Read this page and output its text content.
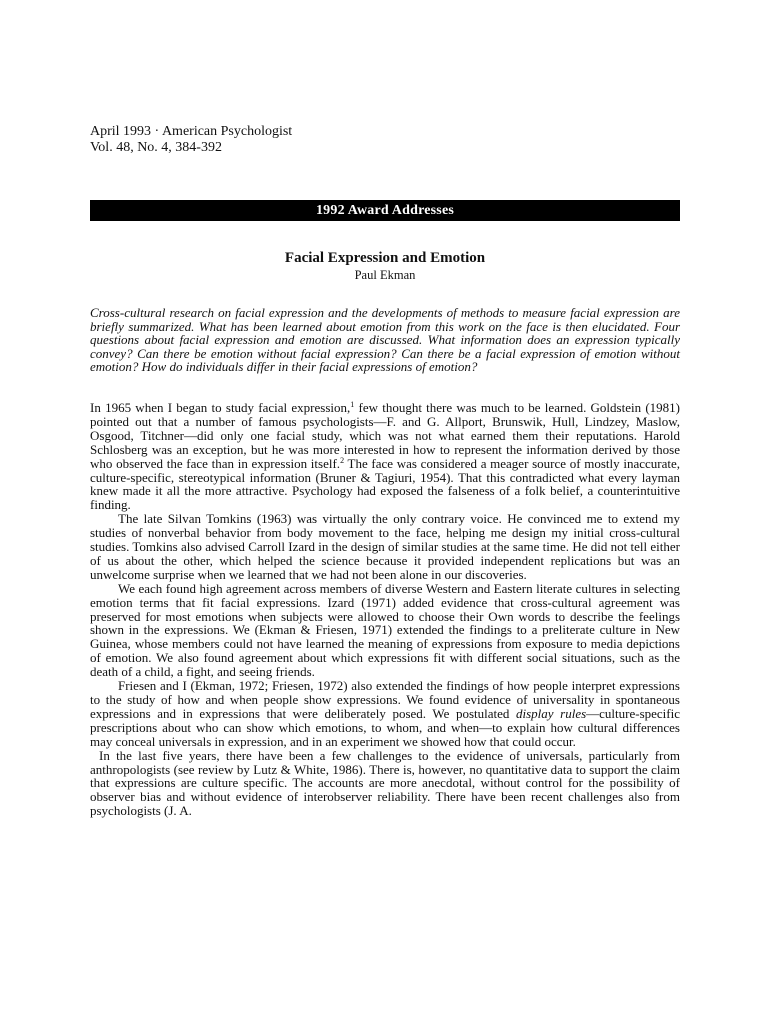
April 1993 · American Psychologist
Vol. 48, No. 4, 384-392
1992 Award Addresses
Facial Expression and Emotion
Paul Ekman
Cross-cultural research on facial expression and the developments of methods to measure facial expression are briefly summarized. What has been learned about emotion from this work on the face is then elucidated. Four questions about facial expression and emotion are discussed. What information does an expression typically convey? Can there be emotion without facial expression? Can there be a facial expression of emotion without emotion? How do individuals differ in their facial expressions of emotion?

In 1965 when I began to study facial expression,$^1$ few thought there was much to be learned. Goldstein (1981) pointed out that a number of famous psychologists—F. and G. Allport, Brunswik, Hull, Lindzey, Maslow, Osgood, Titchner—did only one facial study, which was not what earned them their reputations. Harold Schlosberg was an exception, but he was more interested in how to represent the information derived by those who observed the face than in expression itself.$^2$ The face was considered a meager source of mostly inaccurate, culture-specific, stereotypical information (Bruner & Tagiuri, 1954). That this contradicted what every layman knew made it all the more attractive. Psychology had exposed the falseness of a folk belief, a counterintuitive finding.

The late Silvan Tomkins (1963) was virtually the only contrary voice. He convinced me to extend my studies of nonverbal behavior from body movement to the face, helping me design my initial cross-cultural studies. Tomkins also advised Carroll Izard in the design of similar studies at the same time. He did not tell either of us about the other, which helped the science because it provided independent replications but was an unwelcome surprise when we learned that we had not been alone in our discoveries.

We each found high agreement across members of diverse Western and Eastern literate cultures in selecting emotion terms that fit facial expressions. Izard (1971) added evidence that cross-cultural agreement was preserved for most emotions when subjects were allowed to choose their Own words to describe the feelings shown in the expressions. We (Ekman & Friesen, 1971) extended the findings to a preliterate culture in New Guinea, whose members could not have learned the meaning of expressions from exposure to media depictions of emotion. We also found agreement about which expressions fit with different social situations, such as the death of a child, a fight, and seeing friends.

Friesen and I (Ekman, 1972; Friesen, 1972) also extended the findings of how people interpret expressions to the study of how and when people show expressions. We found evidence of universality in spontaneous expressions and in expressions that were deliberately posed. We postulated display rules—culture-specific prescriptions about who can show which emotions, to whom, and when—to explain how cultural differences may conceal universals in expression, and in an experiment we showed how that could occur.

In the last five years, there have been a few challenges to the evidence of universals, particularly from anthropologists (see review by Lutz & White, 1986). There is, however, no quantitative data to support the claim that expressions are culture specific. The accounts are more anecdotal, without control for the possibility of observer bias and without evidence of interobserver reliability. There have been recent challenges also from psychologists (J. A.
